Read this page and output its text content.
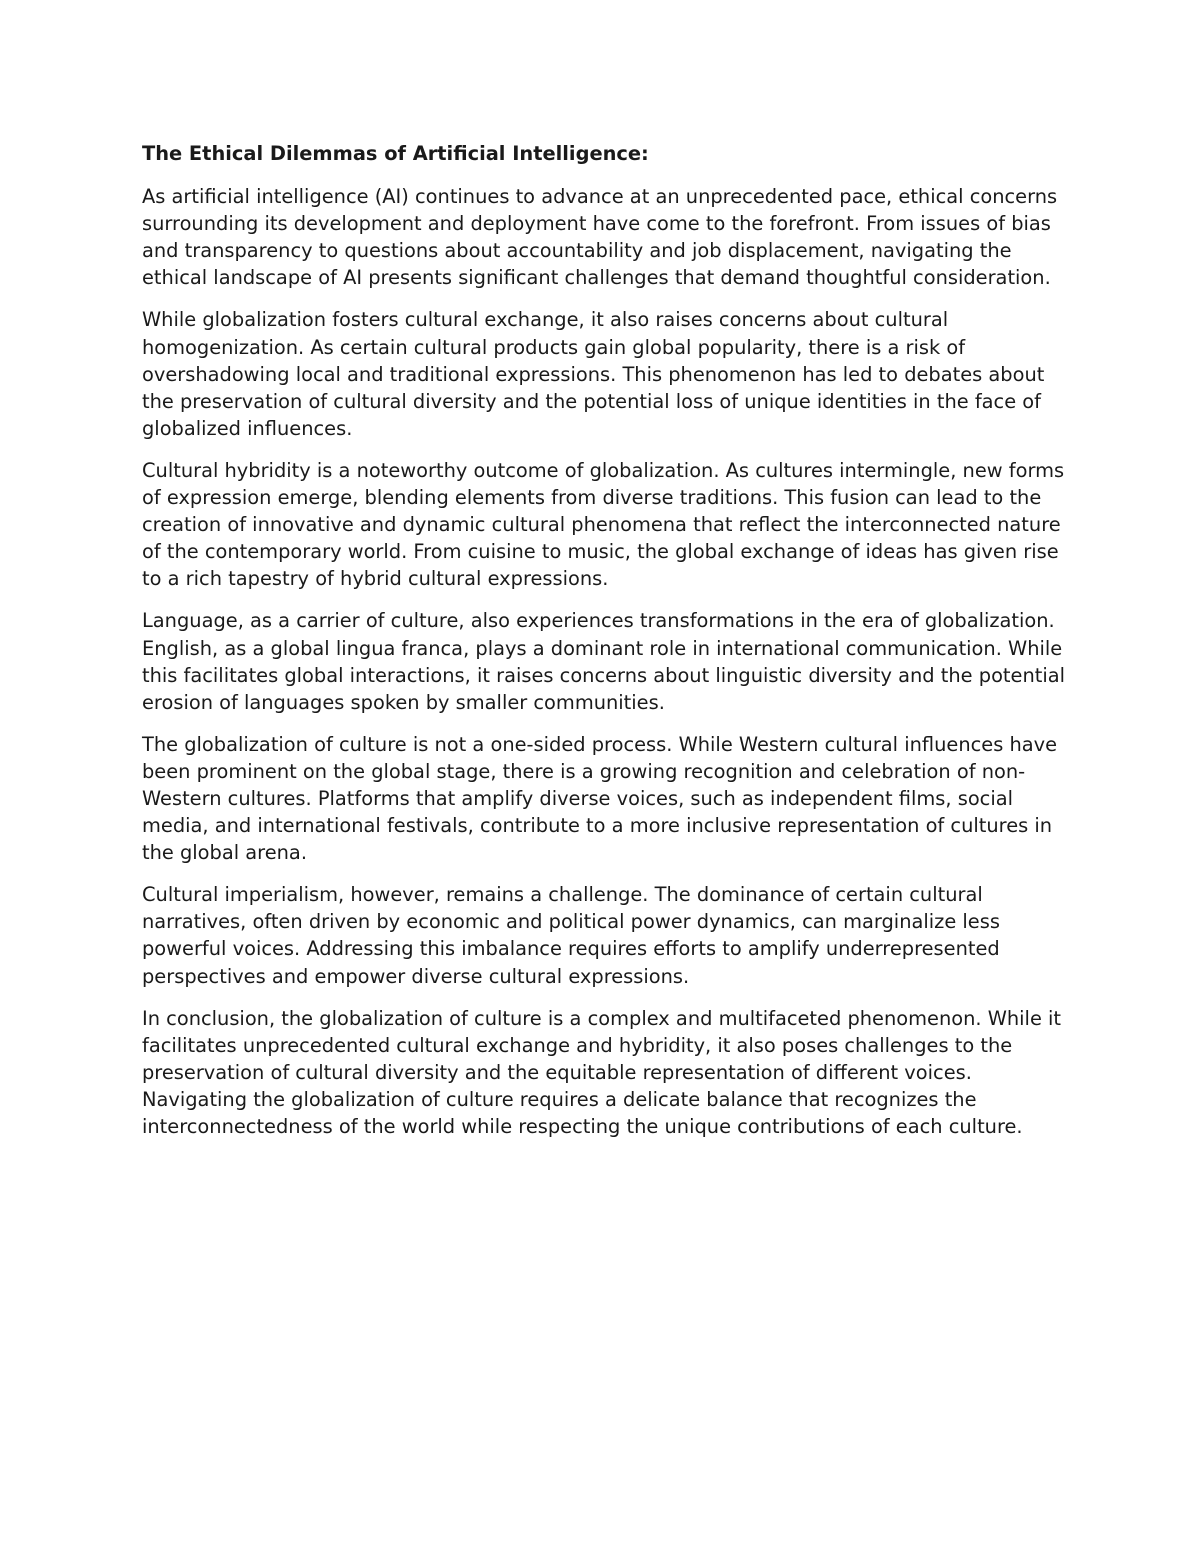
The Ethical Dilemmas of Artificial Intelligence:

As artificial intelligence (AI) continues to advance at an unprecedented pace, ethical concerns surrounding its development and deployment have come to the forefront. From issues of bias and transparency to questions about accountability and job displacement, navigating the ethical landscape of AI presents significant challenges that demand thoughtful consideration.

While globalization fosters cultural exchange, it also raises concerns about cultural homogenization. As certain cultural products gain global popularity, there is a risk of overshadowing local and traditional expressions. This phenomenon has led to debates about the preservation of cultural diversity and the potential loss of unique identities in the face of globalized influences.

Cultural hybridity is a noteworthy outcome of globalization. As cultures intermingle, new forms of expression emerge, blending elements from diverse traditions. This fusion can lead to the creation of innovative and dynamic cultural phenomena that reflect the interconnected nature of the contemporary world. From cuisine to music, the global exchange of ideas has given rise to a rich tapestry of hybrid cultural expressions.

Language, as a carrier of culture, also experiences transformations in the era of globalization. English, as a global lingua franca, plays a dominant role in international communication. While this facilitates global interactions, it raises concerns about linguistic diversity and the potential erosion of languages spoken by smaller communities.

The globalization of culture is not a one-sided process. While Western cultural influences have been prominent on the global stage, there is a growing recognition and celebration of non-Western cultures. Platforms that amplify diverse voices, such as independent films, social media, and international festivals, contribute to a more inclusive representation of cultures in the global arena.

Cultural imperialism, however, remains a challenge. The dominance of certain cultural narratives, often driven by economic and political power dynamics, can marginalize less powerful voices. Addressing this imbalance requires efforts to amplify underrepresented perspectives and empower diverse cultural expressions.

In conclusion, the globalization of culture is a complex and multifaceted phenomenon. While it facilitates unprecedented cultural exchange and hybridity, it also poses challenges to the preservation of cultural diversity and the equitable representation of different voices. Navigating the globalization of culture requires a delicate balance that recognizes the interconnectedness of the world while respecting the unique contributions of each culture.
